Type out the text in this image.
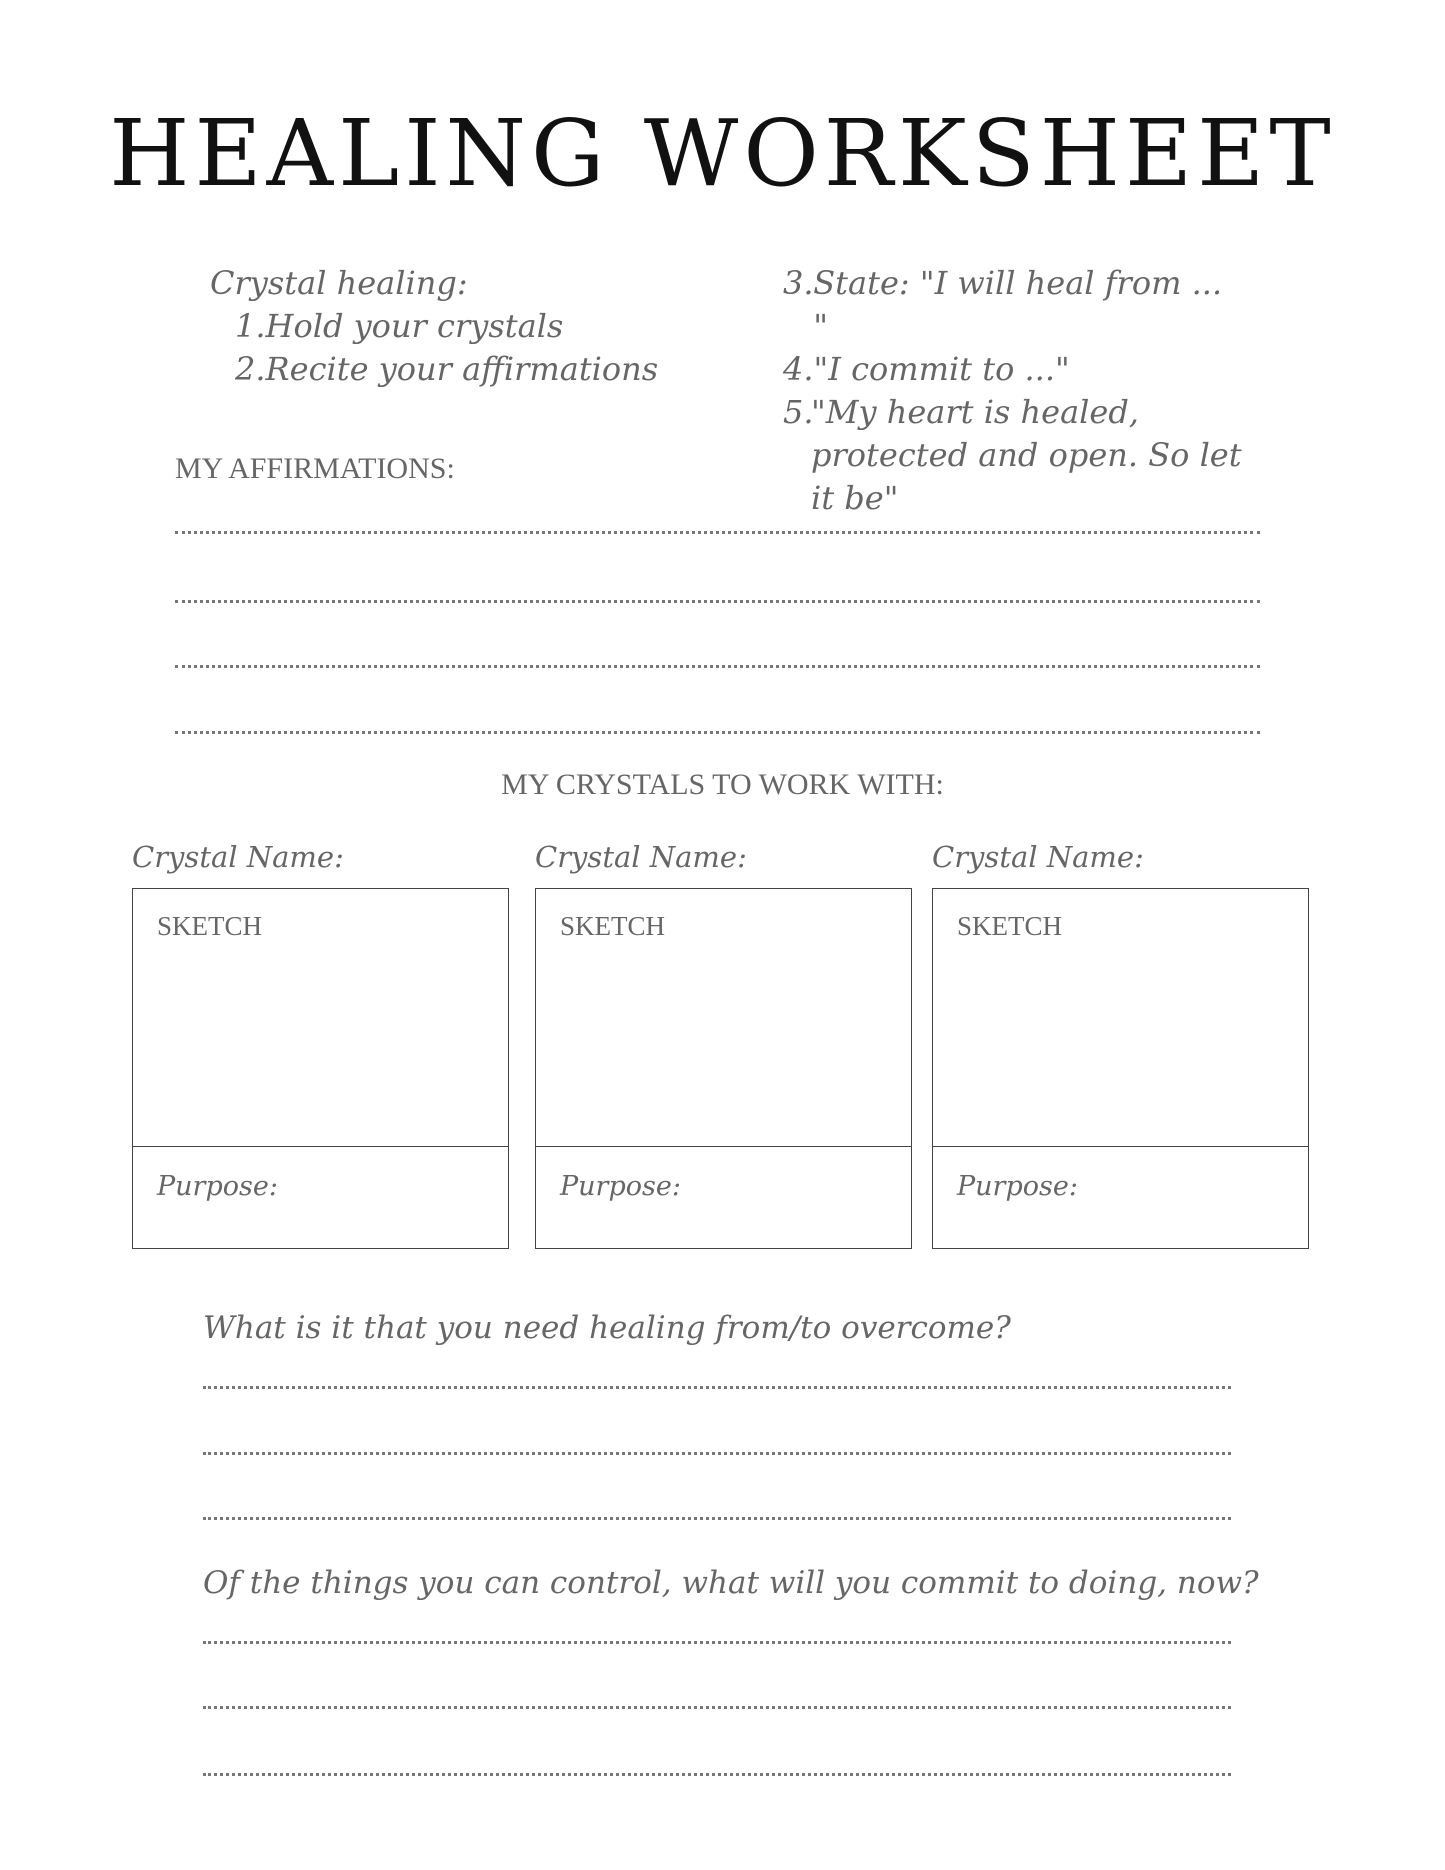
HEALING WORKSHEET
Crystal healing:
1. Hold your crystals
2. Recite your affirmations
3. State: "I will heal from ... "
4. "I commit to ..."
5.
"My heart is healed, protected and open. So let it be"
MY AFFIRMATIONS:
MY CRYSTALS TO WORK WITH:
Crystal Name:	Crystal Name:	Crystal Name:
SKETCH
Purpose:
SKETCH
Purpose:
SKETCH
Purpose:
What is it that you need healing from/to overcome?
Of the things you can control, what will you commit to doing, now?
